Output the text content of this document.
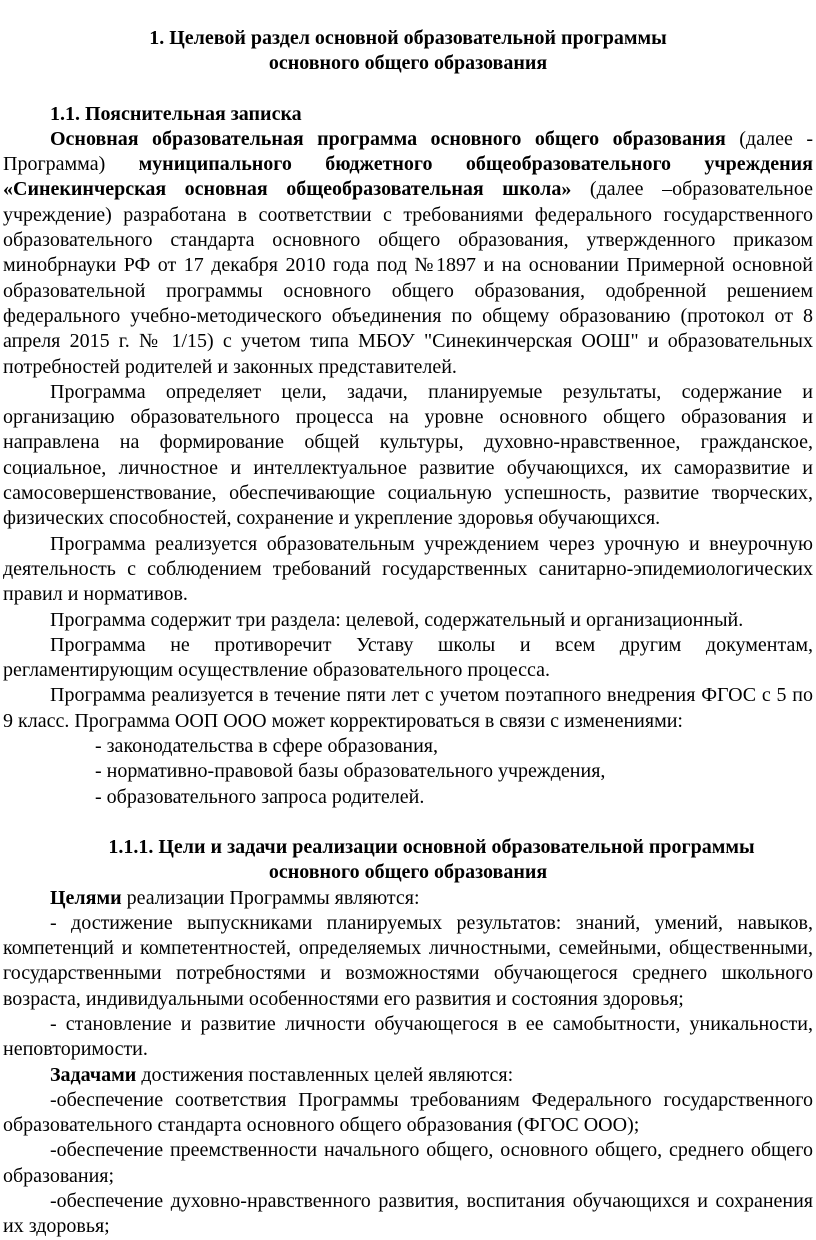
1. Целевой раздел основной образовательной программы
основного общего образования
1.1. Пояснительная записка

Основная образовательная программа основного общего образования (далее - Программа) муниципального бюджетного общеобразовательного учреждения «Синекинчерская основная общеобразовательная школа» (далее –образовательное учреждение) разработана в соответствии с требованиями федерального государственного образовательного стандарта основного общего образования, утвержденного приказом минобрнауки РФ от 17 декабря 2010 года под №1897 и на основании Примерной основной образовательной программы основного общего образования, одобренной решением федерального учебно-методического объединения по общему образованию (протокол от 8 апреля 2015 г. № 1/15) с учетом типа МБОУ "Синекинчерская ООШ" и образовательных потребностей родителей и законных представителей.

Программа определяет цели, задачи, планируемые результаты, содержание и организацию образовательного процесса на уровне основного общего образования и направлена на формирование общей культуры, духовно-нравственное, гражданское, социальное, личностное и интеллектуальное развитие обучающихся, их саморазвитие и самосовершенствование, обеспечивающие социальную успешность, развитие творческих, физических способностей, сохранение и укрепление здоровья обучающихся.

Программа реализуется образовательным учреждением через урочную и внеурочную деятельность с соблюдением требований государственных санитарно-эпидемиологических правил и нормативов.

Программа содержит три раздела: целевой, содержательный и организационный.

Программа не противоречит Уставу школы и всем другим документам, регламентирующим осуществление образовательного процесса.

Программа реализуется в течение пяти лет с учетом поэтапного внедрения ФГОС с 5 по 9 класс. Программа ООП ООО может корректироваться в связи с изменениями:

- законодательства в сфере образования,
- нормативно-правовой базы образовательного учреждения,
- образовательного запроса родителей.
1.1.1. Цели и задачи реализации основной образовательной программы
основного общего образования

Целями реализации Программы являются:

- достижение выпускниками планируемых результатов: знаний, умений, навыков, компетенций и компетентностей, определяемых личностными, семейными, общественными, государственными потребностями и возможностями обучающегося среднего школьного возраста, индивидуальными особенностями его развития и состояния здоровья;

- становление и развитие личности обучающегося в ее самобытности, уникальности, неповторимости.

Задачами достижения поставленных целей являются:

-обеспечение соответствия Программы требованиям Федерального государственного образовательного стандарта основного общего образования (ФГОС ООО);

-обеспечение преемственности начального общего, основного общего, среднего общего образования;

-обеспечение духовно-нравственного развития, воспитания обучающихся и сохранения их здоровья;
